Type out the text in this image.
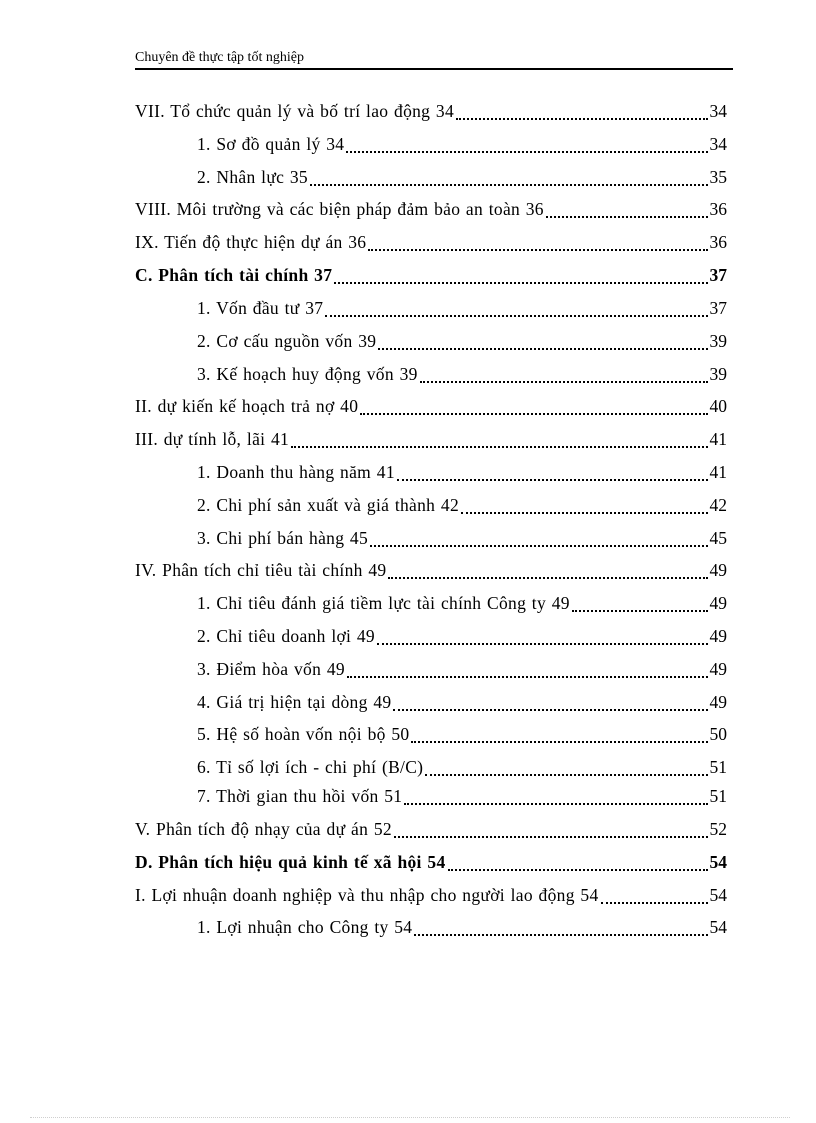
Chuyên đề thực tập tốt nghiệp
VII. Tổ chức quản lý và bố trí lao động 34	34
1. Sơ đồ quản lý 34	34
2. Nhân lực 35	35
VIII. Môi trường và các biện pháp đảm bảo an toàn 36	36
IX. Tiến độ thực hiện dự án 36	36
C. Phân tích tài chính 37	37
1. Vốn đầu tư 37	37
2. Cơ cấu nguồn vốn 39	39
3. Kế hoạch huy động vốn 39	39
II. dự kiến kế hoạch trả nợ 40	40
III. dự tính lỗ, lãi 41	41
1. Doanh thu hàng năm 41	41
2. Chi phí sản xuất và giá thành 42	42
3. Chi phí bán hàng 45	45
IV. Phân tích chỉ tiêu tài chính 49	49
1. Chỉ tiêu đánh giá tiềm lực tài chính Công ty 49	49
2. Chỉ tiêu doanh lợi 49	49
3. Điểm hòa vốn 49	49
4. Giá trị hiện tại dòng 49	49
5. Hệ số hoàn vốn nội bộ 50	50
6. Tỉ số lợi ích - chi phí (B/C)	51
7. Thời gian thu hồi vốn 51	51
V. Phân tích độ nhạy của dự án 52	52
D. Phân tích hiệu quả kinh tế xã hội 54	54
I. Lợi nhuận doanh nghiệp và thu nhập cho người lao động 54	54
1. Lợi nhuận cho Công ty 54	54
